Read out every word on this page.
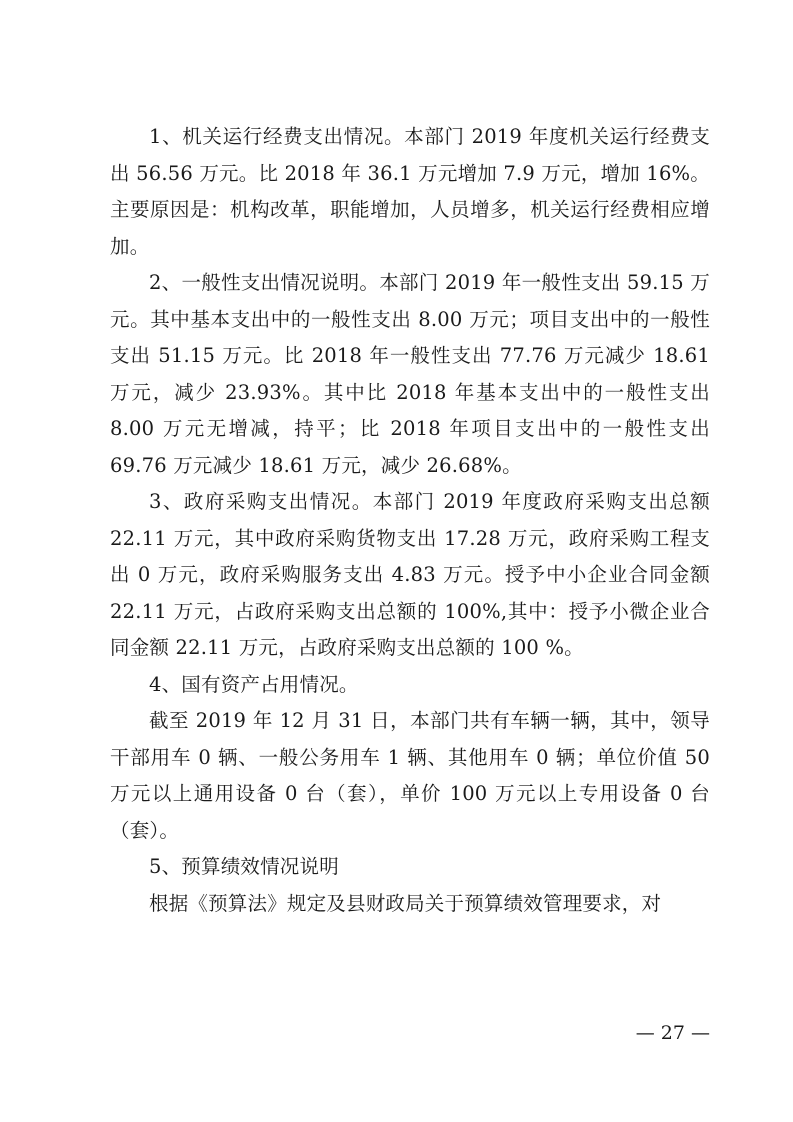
1、机关运行经费支出情况。本部门 2019 年度机关运行经费支出 56.56 万元。比 2018 年 36.1 万元增加 7.9 万元，增加 16%。主要原因是：机构改革，职能增加，人员增多，机关运行经费相应增加。

2、一般性支出情况说明。本部门 2019 年一般性支出 59.15 万元。其中基本支出中的一般性支出 8.00 万元；项目支出中的一般性支出 51.15 万元。比 2018 年一般性支出 77.76 万元减少 18.61 万元，减少 23.93%。其中比 2018 年基本支出中的一般性支出 8.00 万元无增减，持平；比 2018 年项目支出中的一般性支出 69.76 万元减少 18.61 万元，减少 26.68%。

3、政府采购支出情况。本部门 2019 年度政府采购支出总额 22.11 万元，其中政府采购货物支出 17.28 万元，政府采购工程支出 0 万元，政府采购服务支出 4.83 万元。授予中小企业合同金额　22.11 万元，占政府采购支出总额的 100%,其中：授予小微企业合同金额 22.11 万元，占政府采购支出总额的 100 %。

4、国有资产占用情况。

截至 2019 年 12 月 31 日，本部门共有车辆一辆，其中，领导干部用车 0 辆、一般公务用车 1 辆、其他用车 0 辆；单位价值 50 万元以上通用设备 0 台（套），单价 100 万元以上专用设备 0 台（套）。

5、预算绩效情况说明

根据《预算法》规定及县财政局关于预算绩效管理要求，对

— 27 —
